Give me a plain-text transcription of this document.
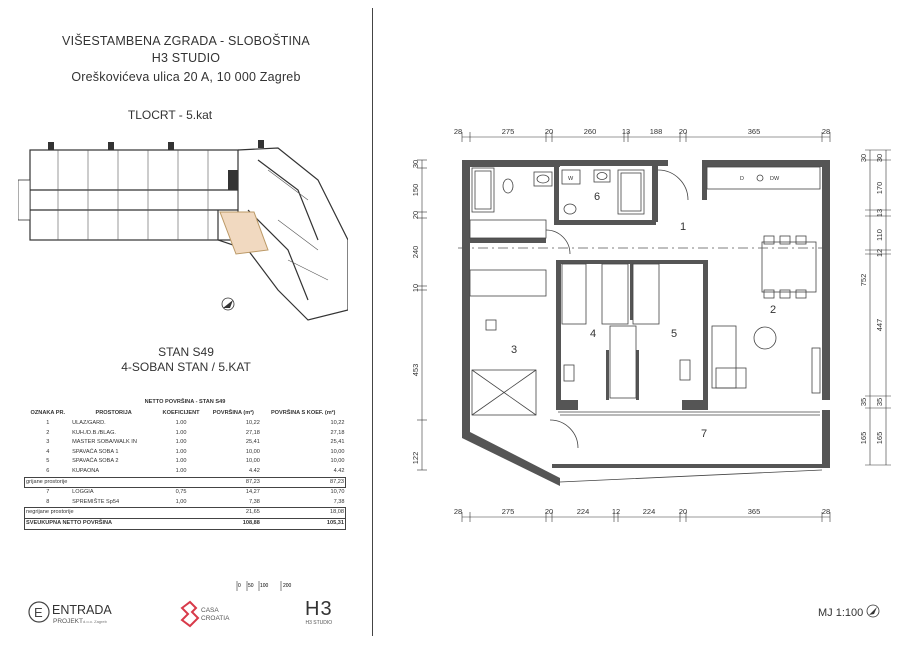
VIŠESTAMBENA ZGRADA - SLOBOŠTINA
H3 STUDIO
Oreškovićeva ulica 20 A, 10 000 Zagreb
TLOCRT - 5.kat
STAN S49
4-SOBAN STAN / 5.KAT
NETTO POVRŠINA - STAN S49				
OZNAKA PR.	PROSTORIJA	KOEFICIJENT	POVRŠINA (m²)	POVRŠINA S KOEF. (m²)
1	ULAZ/GARD.	1.00	10,22	10,22
2	KUH./D.B./BLAG.	1.00	27,18	27,18
3	MASTER SOBA/WALK IN	1.00	25,41	25,41
4	SPAVAĆA SOBA 1	1.00	10,00	10,00
5	SPAVAĆA SOBA 2	1.00	10,00	10,00
6	KUPAONA	1.00	4.42	4.42
grijane prostorije			87,23	87,23
7	LOGGIA	0,75	14,27	10,70
8	SPREMIŠTE Sp54	1,00	7,38	7,38
negrijane prostorije			21,65	18,08
SVEUKUPNA NETTO POVRŠINA			108,88	105,31
0 50 100	200
E ENTRADA
PROJEKT d.o.o. Zagreb
CASA
CROATIA	H3
H3 STUDIO
28	275	20	260	13	188 20	365	28
28	275	20	224	12	224	20	365	28
30
150
20
240
10
453
122
30 30
170
13
110
12
447
35 35
165 165
752
W	D	DW
1
2
3
4	5
6
7
MJ 1:100
